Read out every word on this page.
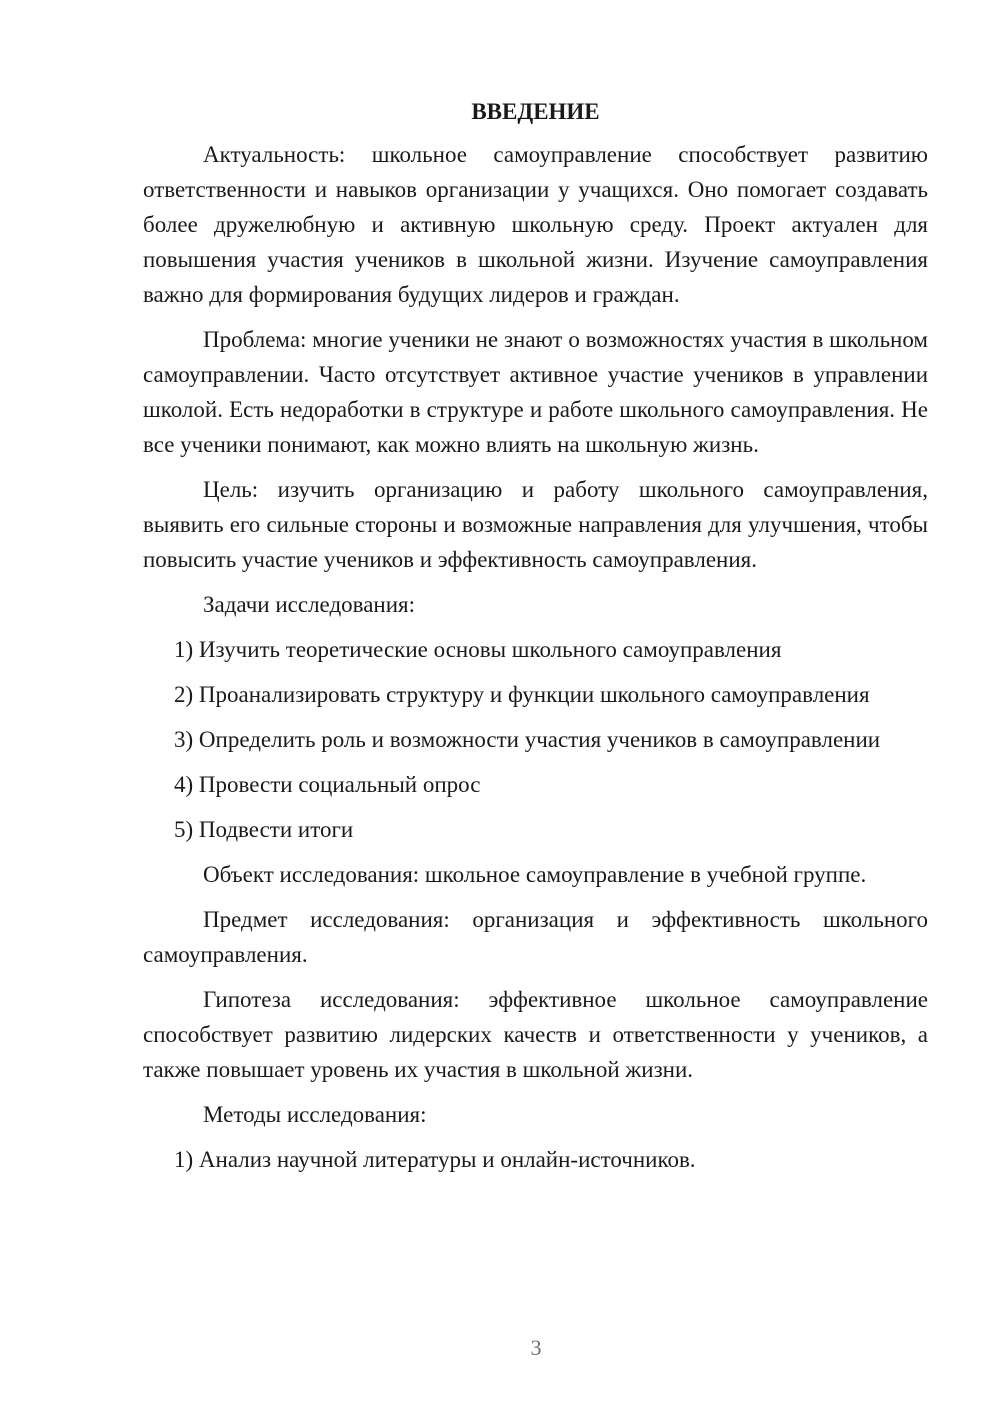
ВВЕДЕНИЕ

Актуальность: школьное самоуправление способствует развитию ответственности и навыков организации у учащихся. Оно помогает создавать более дружелюбную и активную школьную среду. Проект актуален для повышения участия учеников в школьной жизни. Изучение самоуправления важно для формирования будущих лидеров и граждан.

Проблема: многие ученики не знают о возможностях участия в школьном самоуправлении. Часто отсутствует активное участие учеников в управлении школой. Есть недоработки в структуре и работе школьного самоуправления. Не все ученики понимают, как можно влиять на школьную жизнь.

Цель: изучить организацию и работу школьного самоуправления, выявить его сильные стороны и возможные направления для улучшения, чтобы повысить участие учеников и эффективность самоуправления.

Задачи исследования:

1) Изучить теоретические основы школьного самоуправления

2) Проанализировать структуру и функции школьного самоуправления

3) Определить роль и возможности участия учеников в самоуправлении

4) Провести социальный опрос

5) Подвести итоги

Объект исследования: школьное самоуправление в учебной группе.

Предмет исследования: организация и эффективность школьного самоуправления.

Гипотеза исследования: эффективное школьное самоуправление способствует развитию лидерских качеств и ответственности у учеников, а также повышает уровень их участия в школьной жизни.

Методы исследования:

1) Анализ научной литературы и онлайн-источников.

3
